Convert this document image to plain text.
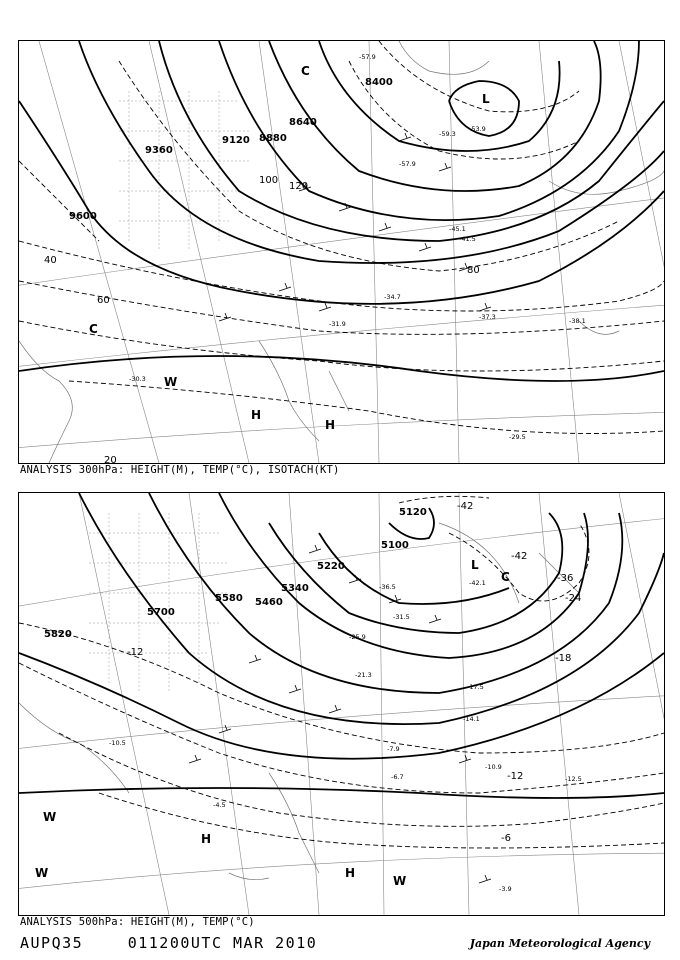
9600
9360
9120 8880
8640
8400
20
40
60
80
100
120
L
H
H
C
C
W
-57.9
-59.3
-57.9
-53.9
-45.1
-41.5
-34.7
-37.3
-31.9
-29.5
-38.1
-30.3
ANALYSIS 300hPa: HEIGHT(M), TEMP(°C), ISOTACH(KT)
5100
5220
5340
5460
5580
5700
5820
5120
-42
-42
-36
-24
-18
-12
-12
-6
L
C
H
H
W
W
W
-42.1
-36.5
-31.5
-25.9
-21.3
-17.5
-14.1
-10.9
-7.9
-6.7
-4.5
-3.9
-12.5
-10.5
ANALYSIS 500hPa: HEIGHT(M), TEMP(°C)
AUPQ35	011200UTC MAR 2010	Japan Meteorological Agency
